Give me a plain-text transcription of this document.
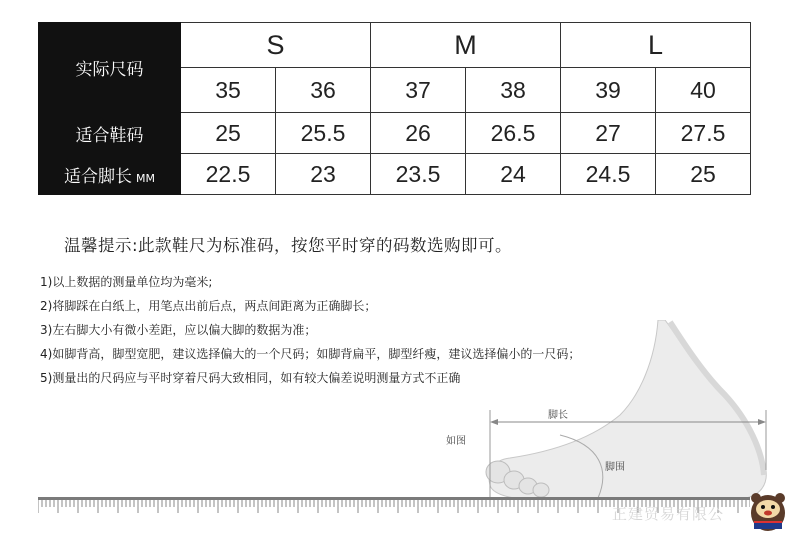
实际尺码	S		M		L	
	35	36	37	38	39	40
适合鞋码	25	25.5	26	26.5	27	27.5
适合脚长 MM	22.5	23	23.5	24	24.5	25
温馨提示:此款鞋尺为标准码，按您平时穿的码数选购即可。
1)以上数据的测量单位均为毫米;
2)将脚踩在白纸上，用笔点出前后点，两点间距离为正确脚长；
3)左右脚大小有微小差距，应以偏大脚的数据为准；
4)如脚背高，脚型宽肥，建议选择偏大的一个尺码；如脚背扁平，脚型纤瘦，建议选择偏小的一尺码；
5)测量出的尺码应与平时穿着尺码大致相同，如有较大偏差说明测量方式不正确
脚长
如图
脚围
正建贸易有限公
